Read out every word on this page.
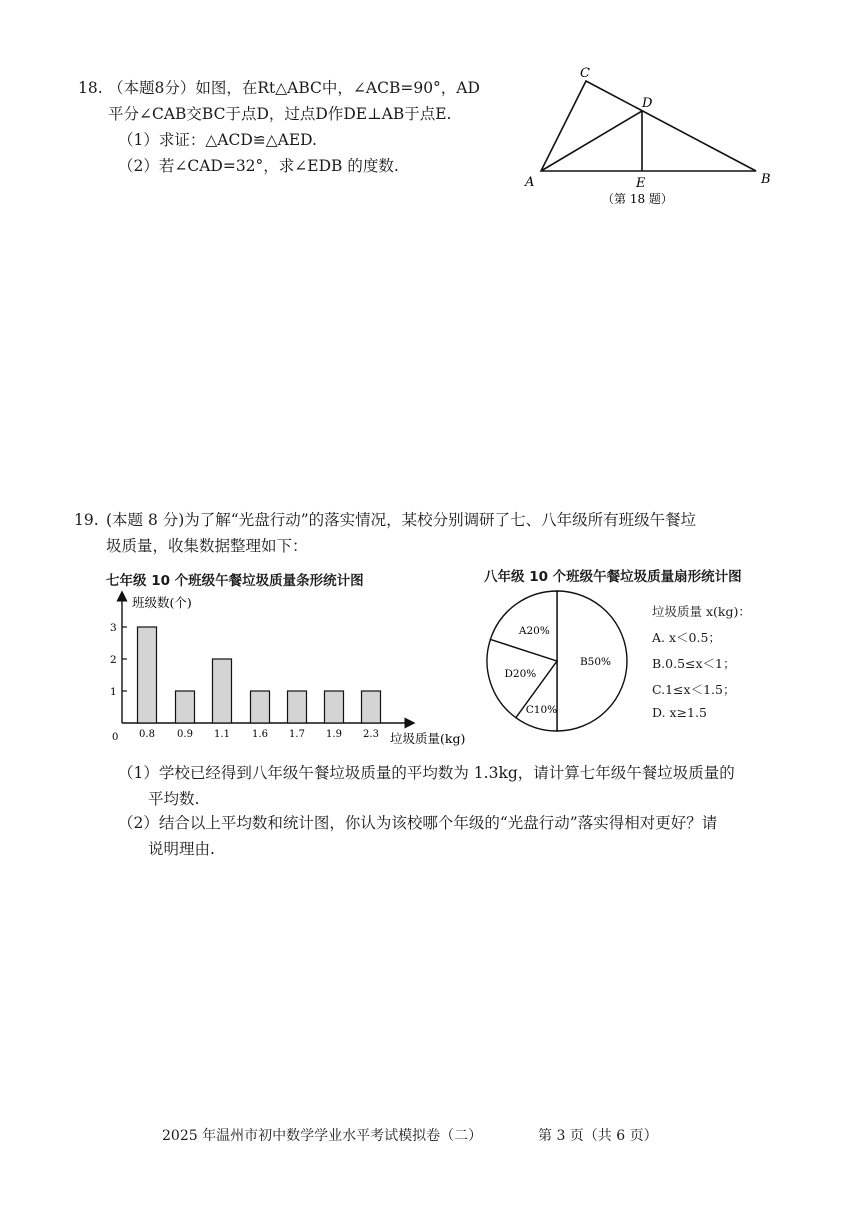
18. （本题8分）如图，在Rt△ABC中，∠ACB=90°，AD
平分∠CAB交BC于点D，过点D作DE⊥AB于点E.
（1）求证：△ACD≌△AED.
（2）若∠CAD=32°，求∠EDB 的度数.
C
D
A	E	B
（第 18 题）
19. (本题 8 分)为了解“光盘行动”的落实情况，某校分别调研了七、八年级所有班级午餐垃
圾质量，收集数据整理如下：
七年级 10 个班级午餐垃圾质量条形统计图	八年级 10 个班级午餐垃圾质量扇形统计图
班级数(个)
垃圾质量(kg)
0
1
2
3
0.8 0.9 1.1 1.6 1.7 1.9 2.3
B50%
C10%
D20%
A20%
垃圾质量 x(kg)：
A. x＜0.5；
B.0.5≤x＜1；
C.1≤x＜1.5；
D. x≥1.5
（1）学校已经得到八年级午餐垃圾质量的平均数为 1.3kg，请计算七年级午餐垃圾质量的
平均数.
（2）结合以上平均数和统计图，你认为该校哪个年级的“光盘行动”落实得相对更好？请
说明理由.
2025 年温州市初中数学学业水平考试模拟卷（二）	第 3 页（共 6 页）
